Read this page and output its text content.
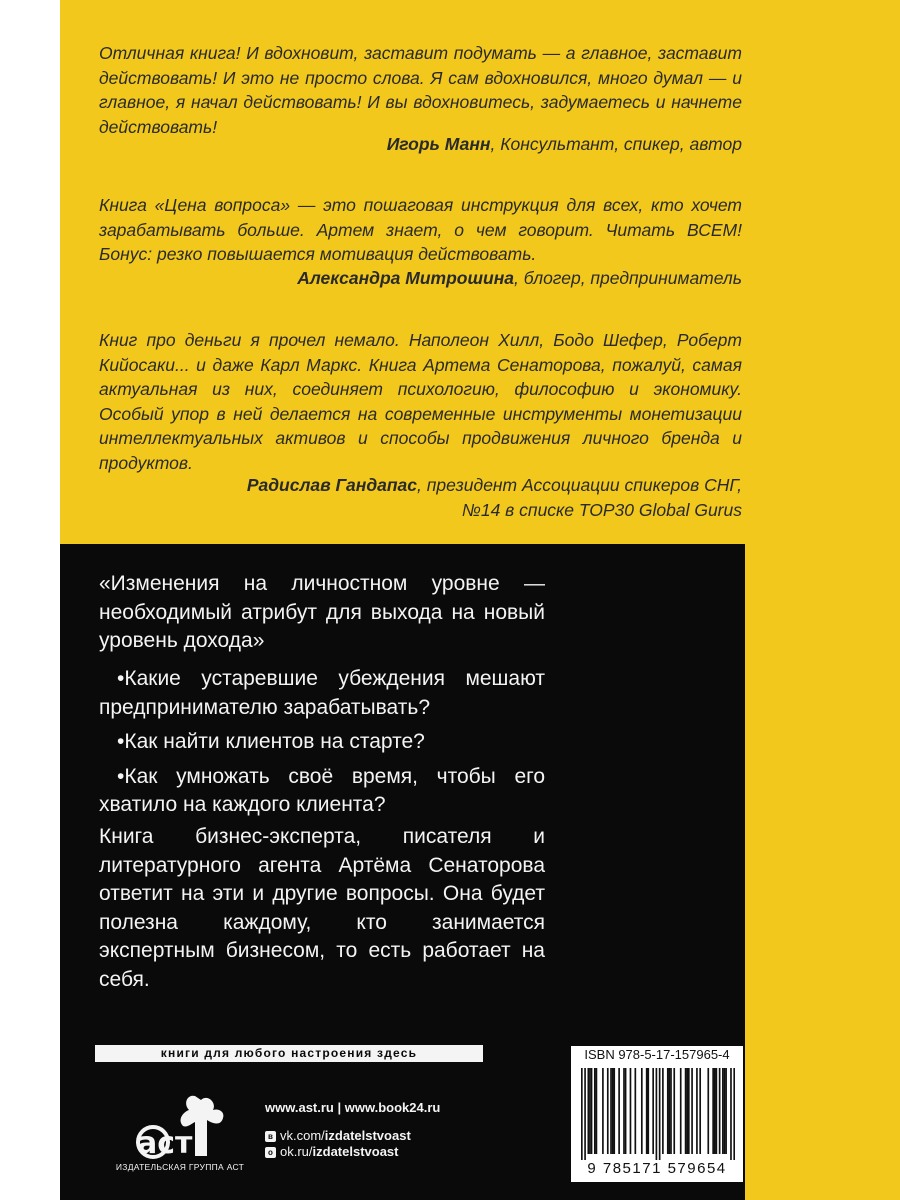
Отличная книга! И вдохновит, заставит подумать — а главное, заставит действовать! И это не просто слова. Я сам вдохновился, много думал — и главное, я начал действовать! И вы вдохновитесь, задумаетесь и начнете действовать!

Игорь Манн, Консультант, спикер, автор

Книга «Цена вопроса» — это пошаговая инструкция для всех, кто хочет зарабатывать больше. Артем знает, о чем говорит. Читать ВСЕМ! Бонус: резко повышается мотивация действовать.

Александра Митрошина, блогер, предприниматель

Книг про деньги я прочел немало. Наполеон Хилл, Бодо Шефер, Роберт Кийосаки... и даже Карл Маркс. Книга Артема Сенаторова, пожалуй, самая актуальная из них, соединяет психологию, философию и экономику. Особый упор в ней делается на современные инструменты монетизации интеллектуальных активов и способы продвижения личного бренда и продуктов.

Радислав Гандапас, президент Ассоциации спикеров СНГ,
№14 в списке TOP30 Global Gurus

«Изменения на личностном уровне — необходимый атрибут для выхода на новый уровень дохода»

•Какие устаревшие убеждения мешают предпринимателю зарабатывать?

•Как найти клиентов на старте?

•Как умножать своё время, чтобы его хватило на каждого клиента?

Книга бизнес-эксперта, писателя и литературного агента Артёма Сенаторова ответит на эти и другие вопросы. Она будет полезна каждому, кто занимается экспертным бизнесом, то есть работает на себя.

книги для любого настроения здесь
аст
ИЗДАТЕЛЬСКАЯ ГРУППА АСТ
www.ast.ru | www.book24.ru
в vk.com/izdatelstvoast
о ok.ru/izdatelstvoast
ISBN 978-5-17-157965-4
9 785171 579654
